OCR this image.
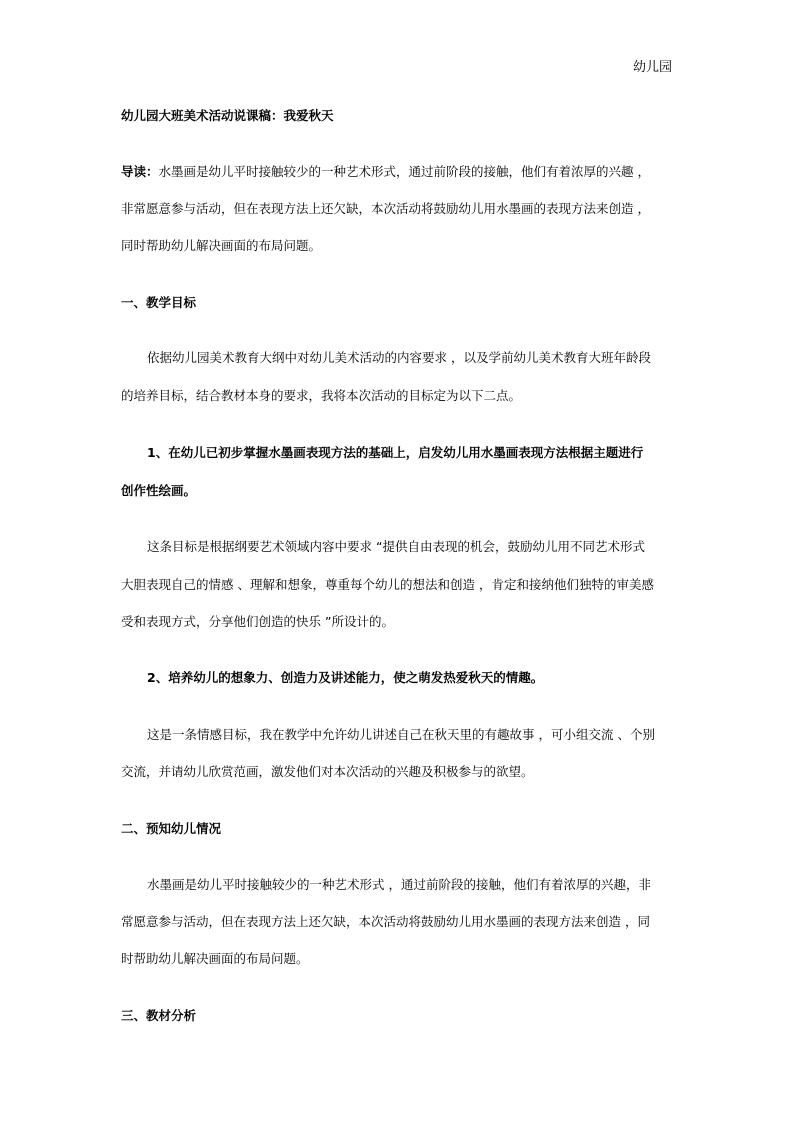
幼儿园
幼儿园大班美术活动说课稿：我爱秋天
导读：水墨画是幼儿平时接触较少的一种艺术形式，通过前阶段的接触，他们有着浓厚的兴趣 ，
非常愿意参与活动，但在表现方法上还欠缺，本次活动将鼓励幼儿用水墨画的表现方法来创造 ，
同时帮助幼儿解决画面的布局问题。
一、教学目标
依据幼儿园美术教育大纲中对幼儿美术活动的内容要求 ，以及学前幼儿美术教育大班年龄段
的培养目标，结合教材本身的要求，我将本次活动的目标定为以下二点。
1、在幼儿已初步掌握水墨画表现方法的基础上，启发幼儿用水墨画表现方法根据主题进行
创作性绘画。
这条目标是根据纲要艺术领域内容中要求 “提供自由表现的机会，鼓励幼儿用不同艺术形式
大胆表现自己的情感 、理解和想象，尊重每个幼儿的想法和创造 ，肯定和接纳他们独特的审美感
受和表现方式，分享他们创造的快乐 ”所设计的。
2、培养幼儿的想象力、创造力及讲述能力，使之萌发热爱秋天的情趣。
这是一条情感目标，我在教学中允许幼儿讲述自己在秋天里的有趣故事 ，可小组交流 、个别
交流，并请幼儿欣赏范画，激发他们对本次活动的兴趣及积极参与的欲望。
二、预知幼儿情况
水墨画是幼儿平时接触较少的一种艺术形式 ，通过前阶段的接触，他们有着浓厚的兴趣，非
常愿意参与活动，但在表现方法上还欠缺，本次活动将鼓励幼儿用水墨画的表现方法来创造 ，同
时帮助幼儿解决画面的布局问题。
三、教材分析
